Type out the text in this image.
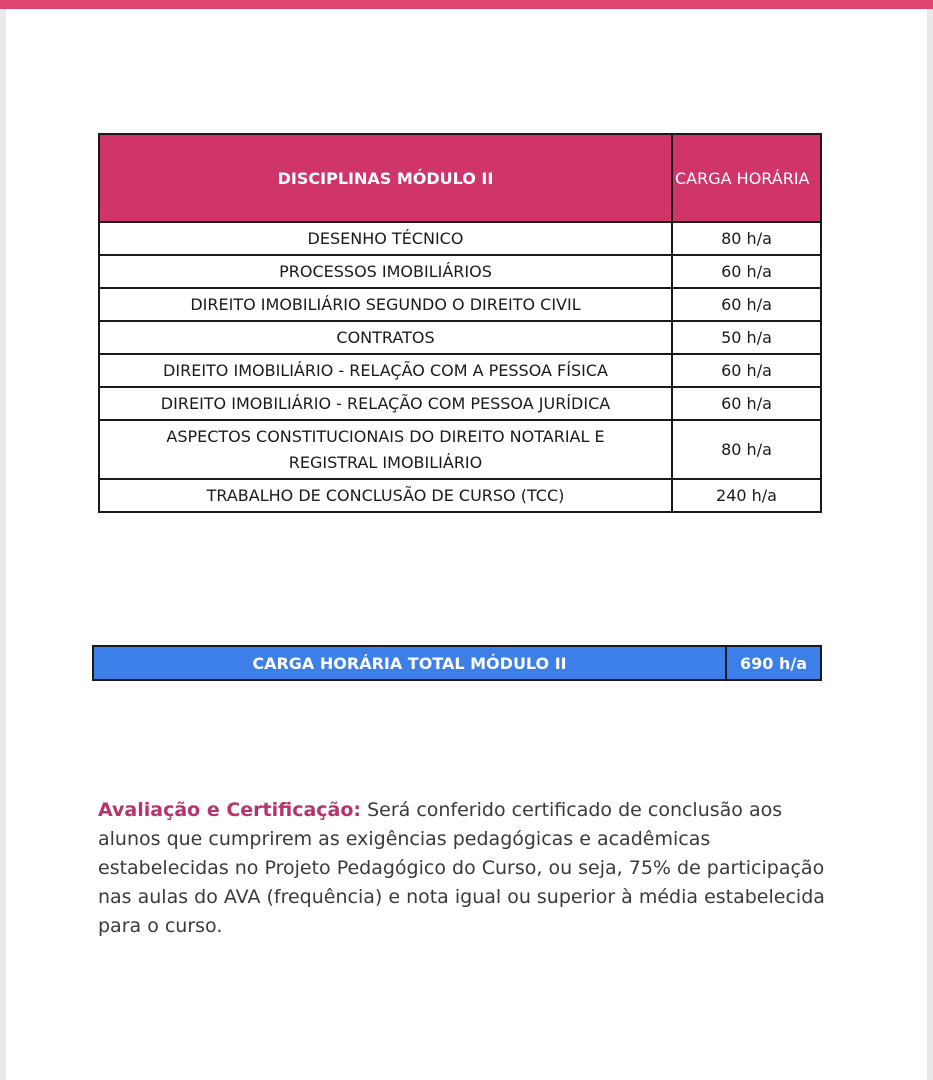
DISCIPLINAS MÓDULO II	CARGA HORÁRIA
DESENHO TÉCNICO	80 h/a
PROCESSOS IMOBILIÁRIOS	60 h/a
DIREITO IMOBILIÁRIO SEGUNDO O DIREITO CIVIL	60 h/a
CONTRATOS	50 h/a
DIREITO IMOBILIÁRIO - RELAÇÃO COM A PESSOA FÍSICA	60 h/a
DIREITO IMOBILIÁRIO - RELAÇÃO COM PESSOA JURÍDICA	60 h/a
ASPECTOS CONSTITUCIONAIS DO DIREITO NOTARIAL E
REGISTRAL IMOBILIÁRIO	80 h/a
TRABALHO DE CONCLUSÃO DE CURSO (TCC)	240 h/a
CARGA HORÁRIA TOTAL MÓDULO II	690 h/a

Avaliação e Certificação: Será conferido certificado de conclusão aos alunos que cumprirem as exigências pedagógicas e acadêmicas estabelecidas no Projeto Pedagógico do Curso, ou seja, 75% de participação nas aulas do AVA (frequência) e nota igual ou superior à média estabelecida para o curso.
